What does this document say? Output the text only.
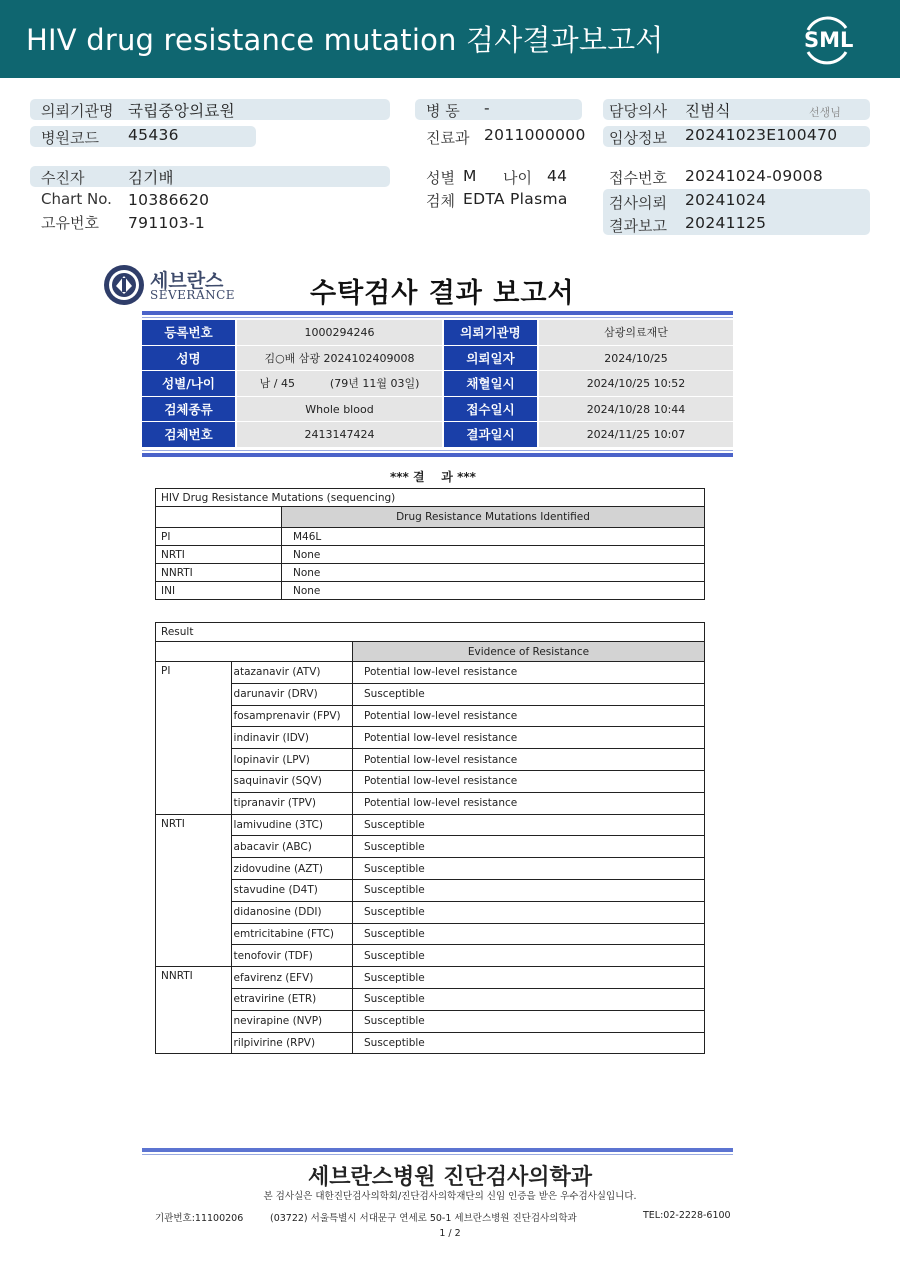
HIV drug resistance mutation 검사결과보고서	SML
의뢰기관명 국립중앙의료원
병원코드 45436
병 동 -
진료과 2011000000
담당의사 진범식	선생님
임상정보 20241023E100470
수진자	김기배
Chart No. 10386620
고유번호 791103-1
성별 M 나이 44
검체 EDTA Plasma
접수번호 20241024-09008
검사의뢰 20241024
결과보고 20241125
세브란스
SEVERANCE	수탁검사 결과 보고서
등록번호	1000294246	의뢰기관명	삼광의료재단
성명	김○배 삼광 2024102409008	의뢰일자	2024/10/25
성별/나이	남 / 45          (79년 11월 03일)	채혈일시	2024/10/25 10:52
검체종류	Whole blood	접수일시	2024/10/28 10:44
검체번호	2413147424	결과일시	2024/11/25 10:07
*** 결    과 ***
HIV Drug Resistance Mutations (sequencing)	
	Drug Resistance Mutations Identified
PI	M46L
NRTI	None
NNRTI	None
INI	None
Result		
		Evidence of Resistance
PI	atazanavir (ATV)	Potential low-level resistance
	darunavir (DRV)	Susceptible
	fosamprenavir (FPV)	Potential low-level resistance
	indinavir (IDV)	Potential low-level resistance
	lopinavir (LPV)	Potential low-level resistance
	saquinavir (SQV)	Potential low-level resistance
	tipranavir (TPV)	Potential low-level resistance
NRTI	lamivudine (3TC)	Susceptible
	abacavir (ABC)	Susceptible
	zidovudine (AZT)	Susceptible
	stavudine (D4T)	Susceptible
	didanosine (DDI)	Susceptible
	emtricitabine (FTC)	Susceptible
	tenofovir (TDF)	Susceptible
NNRTI	efavirenz (EFV)	Susceptible
	etravirine (ETR)	Susceptible
	nevirapine (NVP)	Susceptible
	rilpivirine (RPV)	Susceptible
세브란스병원 진단검사의학과
본 검사실은 대한진단검사의학회/진단검사의학재단의 신임 인증을 받은 우수검사실입니다.
기관번호:11100206	(03722) 서울특별시 서대문구 연세로 50-1 세브란스병원 진단검사의학과	TEL:02-2228-6100
1 / 2
